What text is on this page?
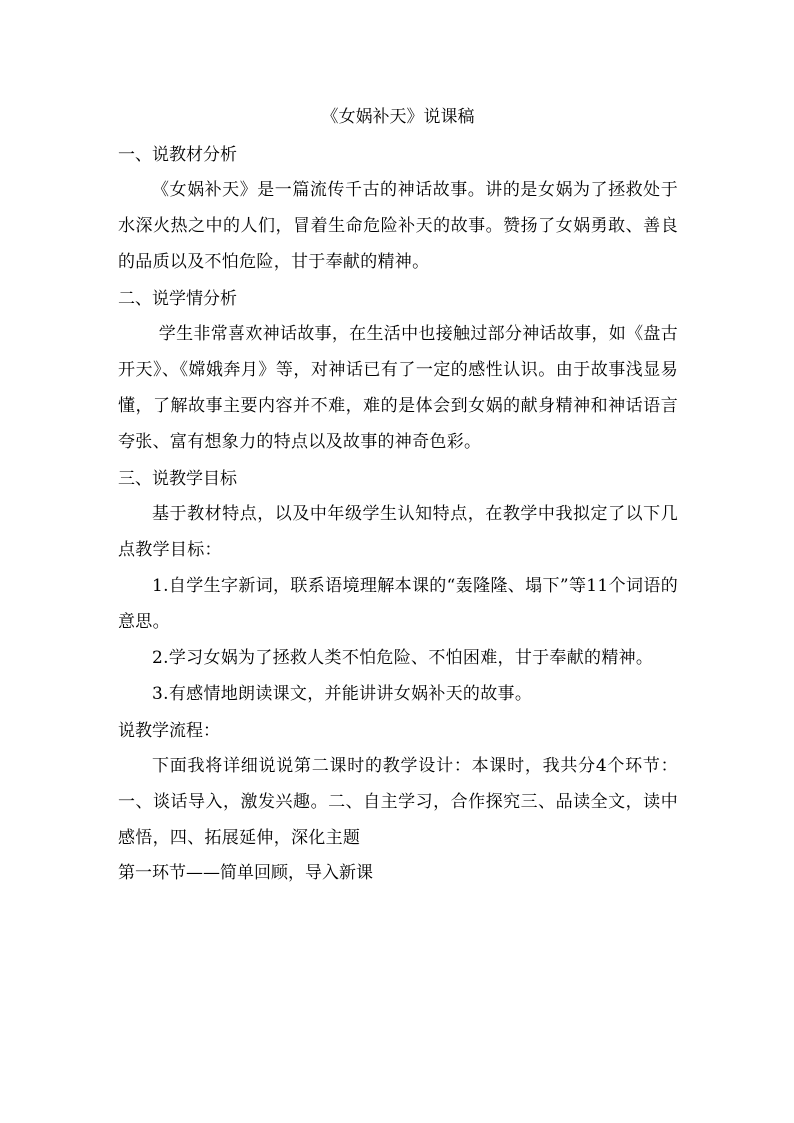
《女娲补天》说课稿
一、说教材分析

《女娲补天》是一篇流传千古的神话故事。讲的是女娲为了拯救处于水深火热之中的人们，冒着生命危险补天的故事。赞扬了女娲勇敢、善良的品质以及不怕危险，甘于奉献的精神。

二、说学情分析

学生非常喜欢神话故事，在生活中也接触过部分神话故事，如《盘古开天》、《嫦娥奔月》等，对神话已有了一定的感性认识。由于故事浅显易懂，了解故事主要内容并不难，难的是体会到女娲的献身精神和神话语言夸张、富有想象力的特点以及故事的神奇色彩。

三、说教学目标

基于教材特点，以及中年级学生认知特点，在教学中我拟定了以下几点教学目标：

1.自学生字新词，联系语境理解本课的“轰隆隆、塌下”等11个词语的意思。

2.学习女娲为了拯救人类不怕危险、不怕困难，甘于奉献的精神。

3.有感情地朗读课文，并能讲讲女娲补天的故事。

说教学流程：

下面我将详细说说第二课时的教学设计：本课时，我共分4个环节：一、谈话导入，激发兴趣。二、自主学习，合作探究三、品读全文，读中感悟，四、拓展延伸，深化主题

第一环节——简单回顾，导入新课
